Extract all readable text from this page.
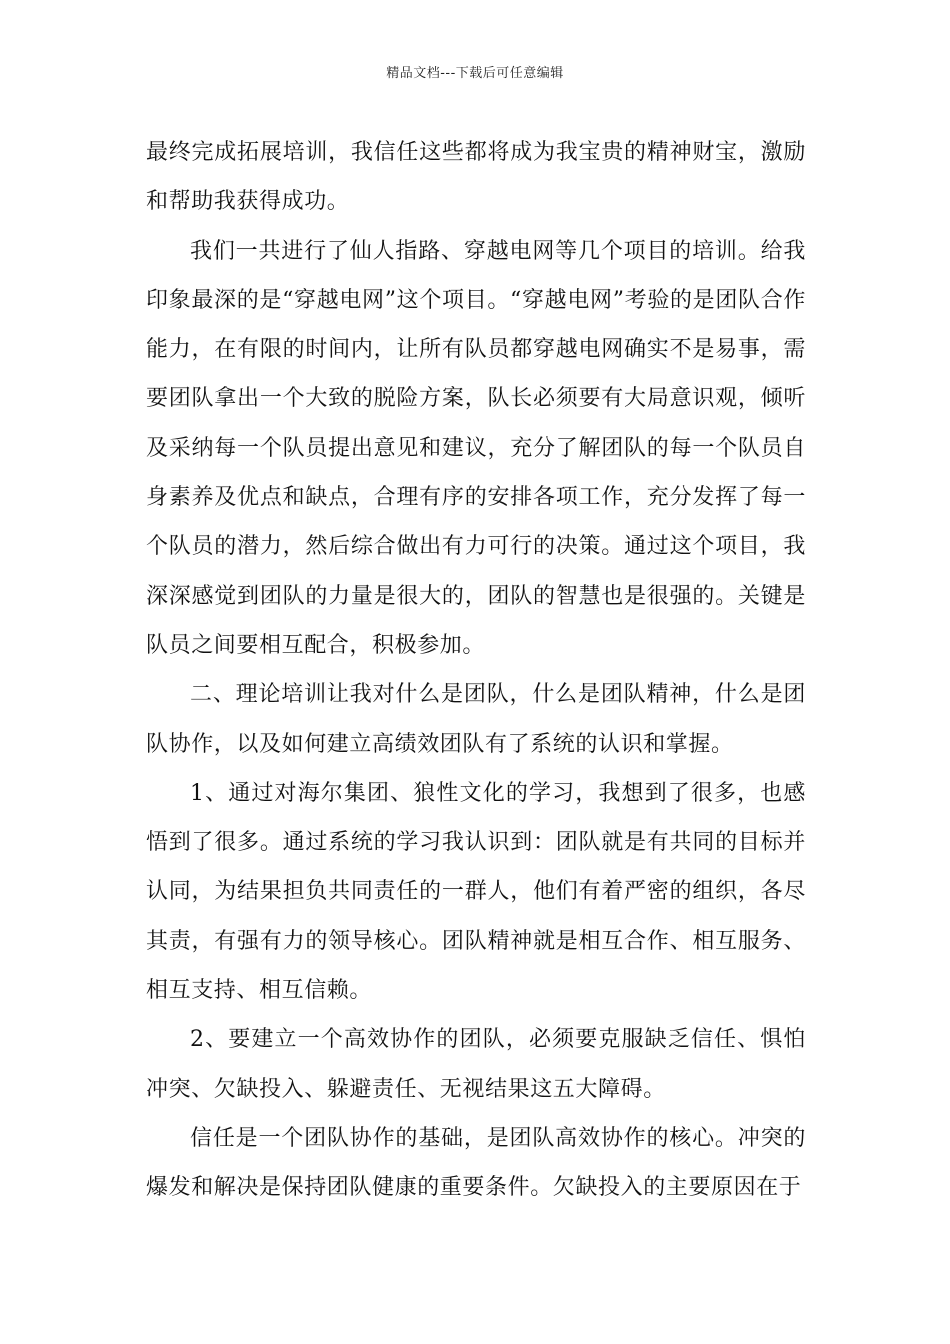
精品文档---下载后可任意编辑

最终完成拓展培训，我信任这些都将成为我宝贵的精神财宝，激励和帮助我获得成功。

我们一共进行了仙人指路、穿越电网等几个项目的培训。给我印象最深的是“穿越电网”这个项目。“穿越电网”考验的是团队合作能力，在有限的时间内，让所有队员都穿越电网确实不是易事，需要团队拿出一个大致的脱险方案，队长必须要有大局意识观，倾听及采纳每一个队员提出意见和建议，充分了解团队的每一个队员自身素养及优点和缺点，合理有序的安排各项工作，充分发挥了每一个队员的潜力，然后综合做出有力可行的决策。通过这个项目，我深深感觉到团队的力量是很大的，团队的智慧也是很强的。关键是队员之间要相互配合，积极参加。

二、理论培训让我对什么是团队，什么是团队精神，什么是团队协作，以及如何建立高绩效团队有了系统的认识和掌握。

1、通过对海尔集团、狼性文化的学习，我想到了很多，也感悟到了很多。通过系统的学习我认识到：团队就是有共同的目标并认同，为结果担负共同责任的一群人，他们有着严密的组织，各尽其责，有强有力的领导核心。团队精神就是相互合作、相互服务、相互支持、相互信赖。

2、要建立一个高效协作的团队，必须要克服缺乏信任、惧怕冲突、欠缺投入、躲避责任、无视结果这五大障碍。

信任是一个团队协作的基础，是团队高效协作的核心。冲突的爆发和解决是保持团队健康的重要条件。欠缺投入的主要原因在于
